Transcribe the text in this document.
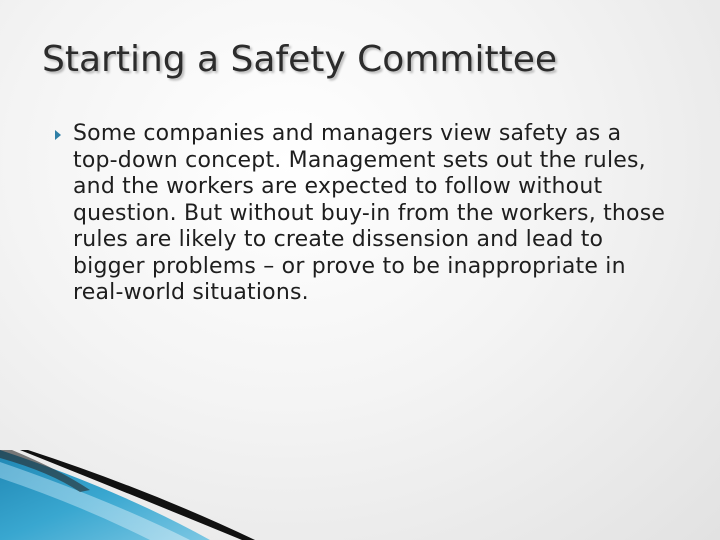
Starting a Safety Committee

Some companies and managers view safety as a top-down concept. Management sets out the rules, and the workers are expected to follow without question. But without buy-in from the workers, those rules are likely to create dissension and lead to bigger problems – or prove to be inappropriate in real-world situations.
